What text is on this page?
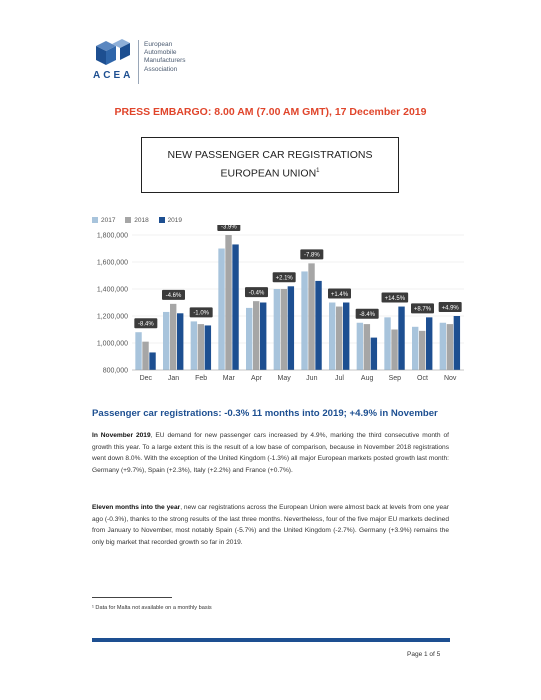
ACEA
European
Automobile
Manufacturers
Association
PRESS EMBARGO: 8.00 AM (7.00 AM GMT), 17 December 2019
NEW PASSENGER CAR REGISTRATIONS
EUROPEAN UNION$^1$
2017	2018	2019
800,000
1,000,000
1,200,000
1,400,000
1,600,000
1,800,000
Dec
-8.4%
Jan
-4.6%
Feb
-1.0%
Mar
-3.9%
Apr
-0.4%
May
+2.1%
Jun
-7.8%
Jul
+1.4%
Aug
-8.4%
Sep
+14.5%
Oct
+8.7%
Nov
+4.9%
Passenger car registrations: -0.3% 11 months into 2019; +4.9% in November
In November 2019, EU demand for new passenger cars increased by 4.9%, marking the third consecutive month of growth this year. To a large extent this is the result of a low base of comparison, because in November 2018 registrations went down 8.0%. With the exception of the United Kingdom (-1.3%) all major European markets posted growth last month: Germany (+9.7%), Spain (+2.3%), Italy (+2.2%) and France (+0.7%).
Eleven months into the year, new car registrations across the European Union were almost back at levels from one year ago (-0.3%), thanks to the strong results of the last three months. Nevertheless, four of the five major EU markets declined from January to November, most notably Spain (-5.7%) and the United Kingdom (-2.7%). Germany (+3.9%) remains the only big market that recorded growth so far in 2019.
¹ Data for Malta not available on a monthly basis
Page 1 of 5
